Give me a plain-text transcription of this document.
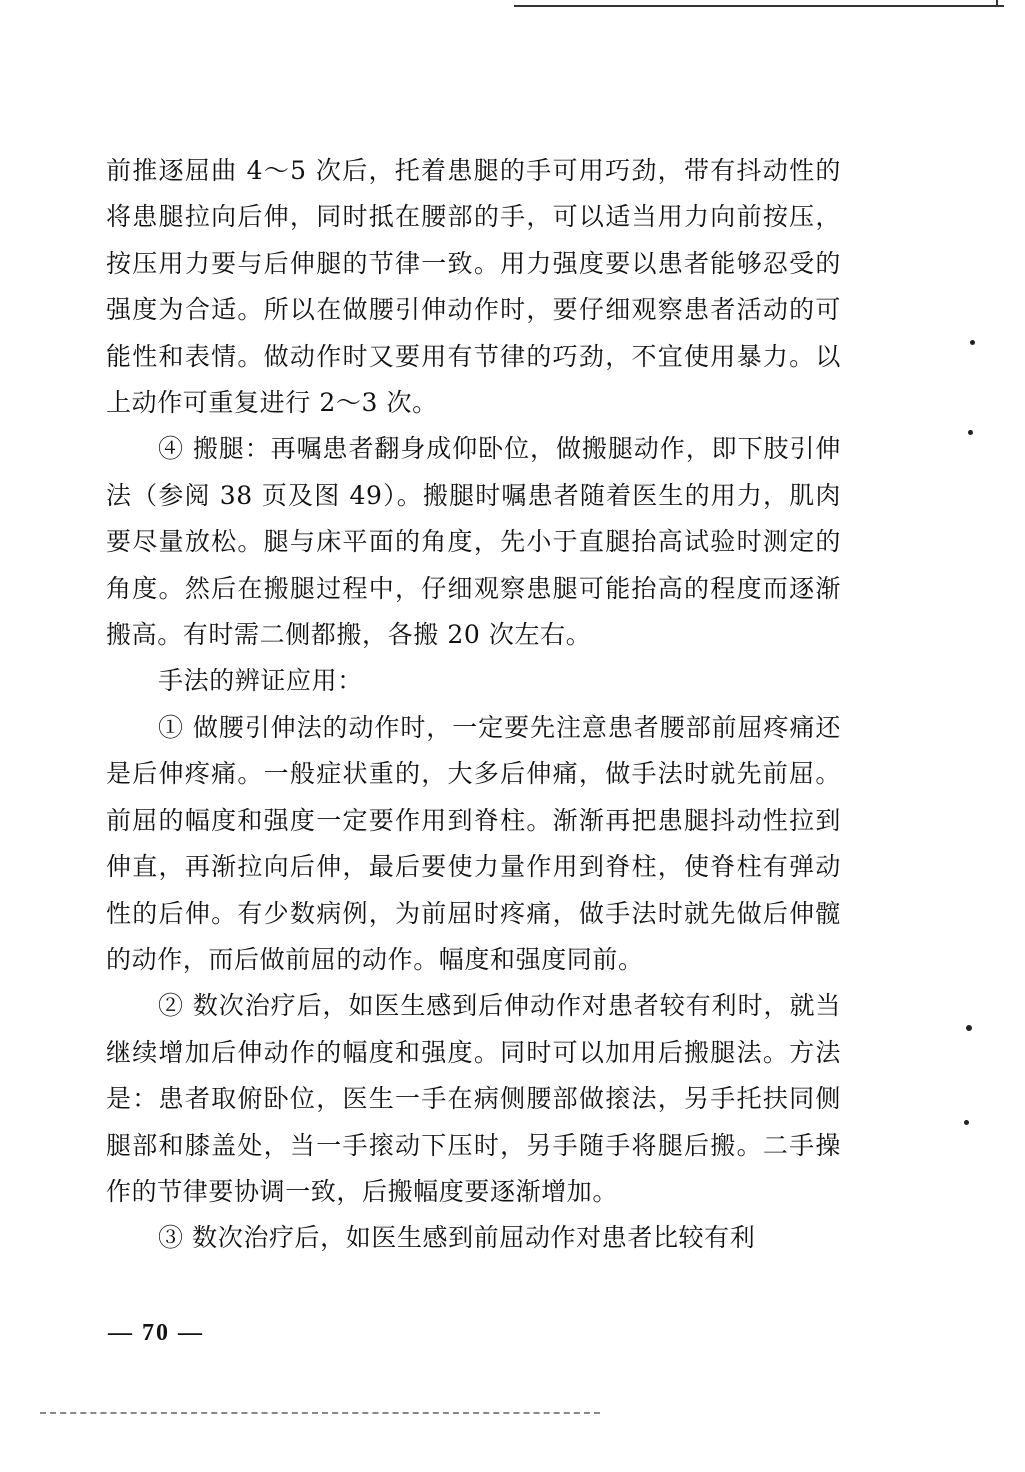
前推逐屈曲 4～5 次后，托着患腿的手可用巧劲，带有抖动性的将患腿拉向后伸，同时抵在腰部的手，可以适当用力向前按压，按压用力要与后伸腿的节律一致。用力强度要以患者能够忍受的强度为合适。所以在做腰引伸动作时，要仔细观察患者活动的可能性和表情。做动作时又要用有节律的巧劲，不宜使用暴力。以上动作可重复进行 2～3 次。

④ 搬腿：再嘱患者翻身成仰卧位，做搬腿动作，即下肢引伸法（参阅 38 页及图 49）。搬腿时嘱患者随着医生的用力，肌肉要尽量放松。腿与床平面的角度，先小于直腿抬高试验时测定的角度。然后在搬腿过程中，仔细观察患腿可能抬高的程度而逐渐搬高。有时需二侧都搬，各搬 20 次左右。

手法的辨证应用：

① 做腰引伸法的动作时，一定要先注意患者腰部前屈疼痛还是后伸疼痛。一般症状重的，大多后伸痛，做手法时就先前屈。前屈的幅度和强度一定要作用到脊柱。渐渐再把患腿抖动性拉到伸直，再渐拉向后伸，最后要使力量作用到脊柱，使脊柱有弹动性的后伸。有少数病例，为前屈时疼痛，做手法时就先做后伸髋的动作，而后做前屈的动作。幅度和强度同前。

② 数次治疗后，如医生感到后伸动作对患者较有利时，就当继续增加后伸动作的幅度和强度。同时可以加用后搬腿法。方法是：患者取俯卧位，医生一手在病侧腰部做㨰法，另手托扶同侧腿部和膝盖处，当一手㨰动下压时，另手随手将腿后搬。二手操作的节律要协调一致，后搬幅度要逐渐增加。

③ 数次治疗后，如医生感到前屈动作对患者比较有利

— 70 —
